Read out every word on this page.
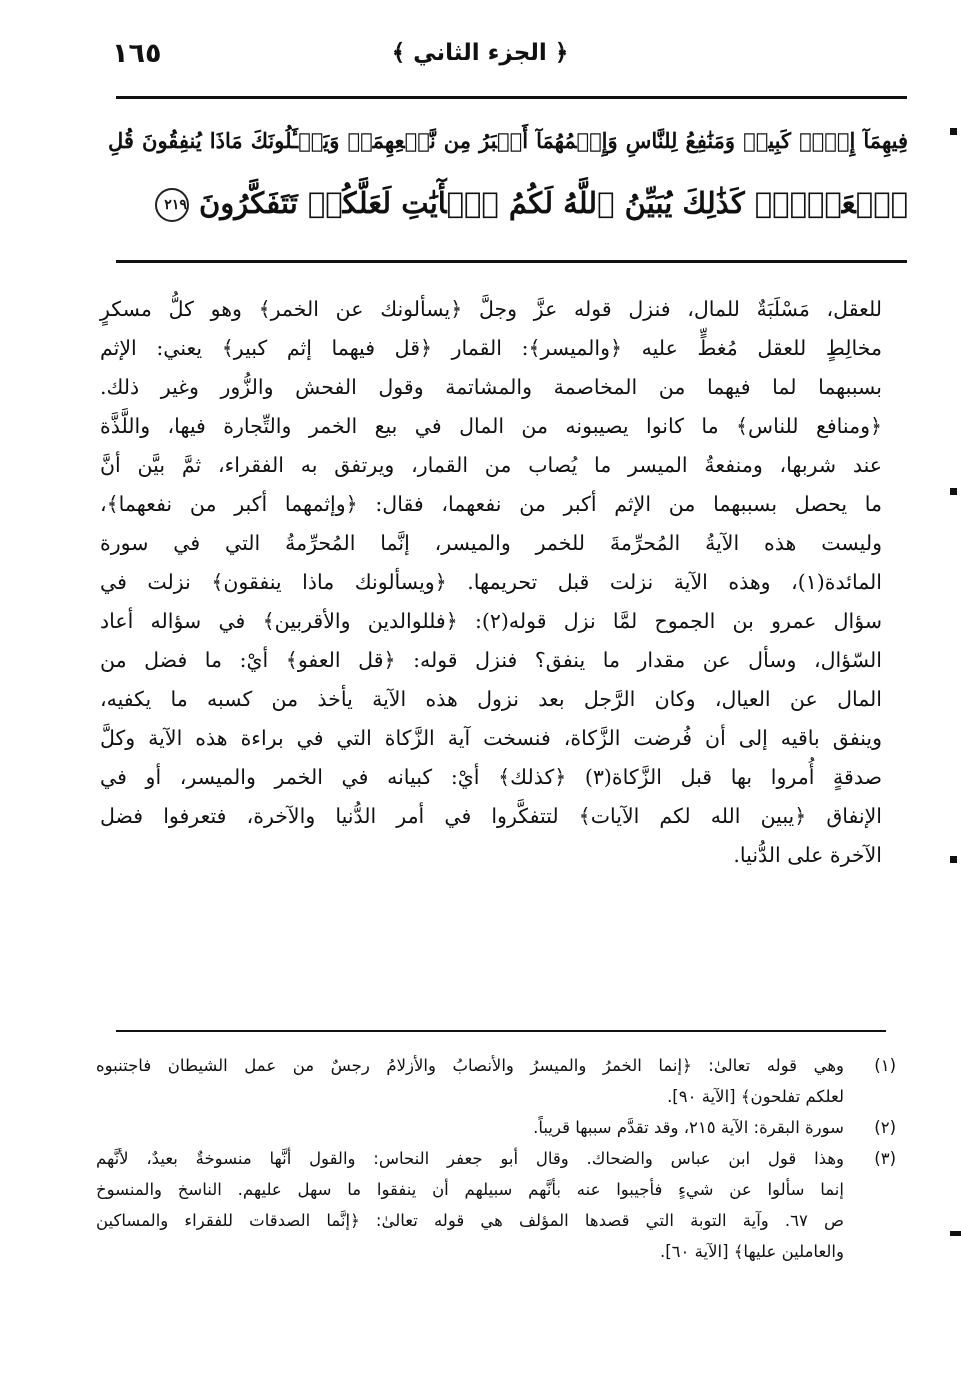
١٦٥	﴿ الجزء الثاني ﴾
فِيهِمَآ إِثۡمٞ كَبِيرٞ وَمَنَٰفِعُ لِلنَّاسِ وَإِثۡمُهُمَآ أَكۡبَرُ مِن نَّفۡعِهِمَاۗ وَيَسۡـَٔلُونَكَ مَاذَا يُنفِقُونَ قُلِ
ٱلۡعَفۡوَۗ كَذَٰلِكَ يُبَيِّنُ ٱللَّهُ لَكُمُ ٱلۡأٓيَٰتِ لَعَلَّكُمۡ تَتَفَكَّرُونَ ٢١٩
للعقل، مَسْلَبَةٌ للمال، فنزل قوله عزَّ وجلَّ ﴿يسألونك عن الخمر﴾ وهو كلُّ مسكرٍ
مخالِطٍ للعقل مُغطٍّ عليه ﴿والميسر﴾: القمار ﴿قل فيهما إثم كبير﴾ يعني: الإثم
بسببهما لما فيهما من المخاصمة والمشاتمة وقول الفحش والزُّور وغير ذلك.
﴿ومنافع للناس﴾ ما كانوا يصيبونه من المال في بيع الخمر والتِّجارة فيها، واللَّذَّة
عند شربها، ومنفعةُ الميسر ما يُصاب من القمار، ويرتفق به الفقراء، ثمَّ بيَّن أنَّ
ما يحصل بسببهما من الإثم أكبر من نفعهما، فقال: ﴿وإثمهما أكبر من نفعهما﴾،
وليست هذه الآيةُ المُحرِّمةَ للخمر والميسر، إنَّما المُحرِّمةُ التي في سورة
المائدة(١)، وهذه الآية نزلت قبل تحريمها. ﴿ويسألونك ماذا ينفقون﴾ نزلت في
سؤال عمرو بن الجموح لمَّا نزل قوله(٢): ﴿فللوالدين والأقربين﴾ في سؤاله أعاد
السّؤال، وسأل عن مقدار ما ينفق؟ فنزل قوله: ﴿قل العفو﴾ أيْ: ما فضل من
المال عن العيال، وكان الرَّجل بعد نزول هذه الآية يأخذ من كسبه ما يكفيه،
وينفق باقيه إلى أن فُرضت الزَّكاة، فنسخت آية الزَّكاة التي في براءة هذه الآية وكلَّ
صدقةٍ أُمروا بها قبل الزَّكاة(٣) ﴿كذلك﴾ أيْ: كبيانه في الخمر والميسر، أو في
الإنفاق ﴿يبين الله لكم الآيات﴾ لتتفكَّروا في أمر الدُّنيا والآخرة، فتعرفوا فضل
الآخرة على الدُّنيا.
(١)وهي قوله تعالىٰ: ﴿إنما الخمرُ والميسرُ والأنصابُ والأزلامُ رجسٌ من عمل الشيطان فاجتنبوه
لعلكم تفلحون﴾ [الآية ٩٠].
(٢)سورة البقرة: الآية ٢١٥، وقد تقدَّم سببها قريباً.
(٣)وهذا قول ابن عباس والضحاك. وقال أبو جعفر النحاس: والقول أنَّها منسوخةٌ بعيدٌ، لأنَّهم
إنما سألوا عن شيءٍ فأجيبوا عنه بأنَّهم سبيلهم أن ينفقوا ما سهل عليهم. الناسخ والمنسوخ
ص ٦٧. وآية التوبة التي قصدها المؤلف هي قوله تعالىٰ: ﴿إنَّما الصدقات للفقراء والمساكين
والعاملين عليها﴾ [الآية ٦٠].
